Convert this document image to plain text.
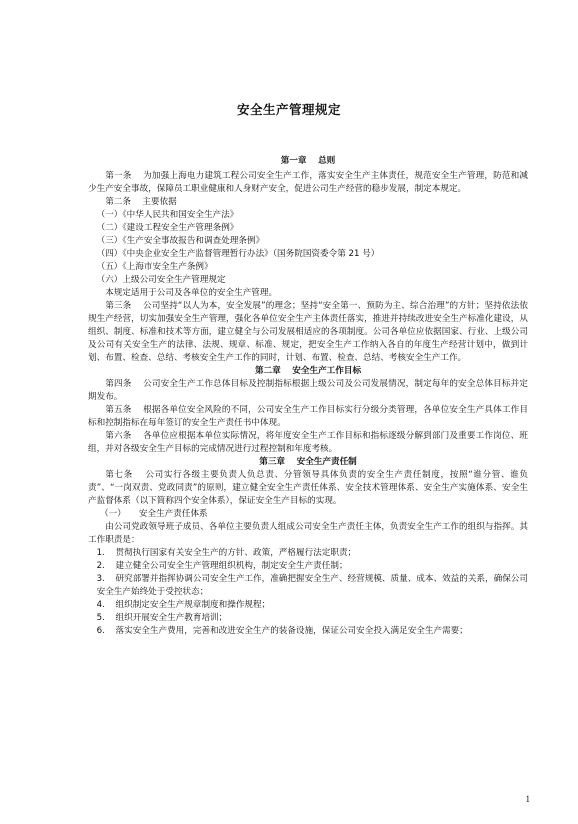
安全生产管理规定
第一章　 总则

第一条　 为加强上海电力建筑工程公司安全生产工作，落实安全生产主体责任，规范安全生产管理，防范和减少生产安全事故，保障员工职业健康和人身财产安全，促进公司生产经营的稳步发展，制定本规定。

第二条　 主要依据
（一）《中华人民共和国安全生产法》
（二）《建设工程安全生产管理条例》
（三）《生产安全事故报告和调查处理条例》
（四）《中央企业安全生产监督管理暂行办法》（国务院国资委令第 21 号）
（五）《上海市安全生产条例》
（六）上级公司安全生产管理规定
本规定适用于公司及各单位的安全生产管理。

第三条　 公司坚持“以人为本，安全发展”的理念；坚持“安全第一、预防为主、综合治理”的方针；坚持依法依规生产经营，切实加强安全生产管理，强化各单位安全生产主体责任落实，推进并持续改进安全生产标准化建设，从组织、制度、标准和技术等方面，建立健全与公司发展相适应的各项制度。公司各单位应依据国家、行业、上级公司及公司有关安全生产的法律、法规、规章、标准、规定，把安全生产工作纳入各自的年度生产经营计划中，做到计划、布置、检查、总结、考核安全生产工作的同时，计划、布置、检查、总结、考核安全生产工作。

第二章　 安全生产工作目标

第四条　 公司安全生产工作总体目标及控制指标根据上级公司及公司发展情况，制定每年的安全总体目标并定期发布。

第五条　 根据各单位安全风险的不同，公司安全生产工作目标实行分级分类管理，各单位安全生产具体工作目标和控制指标在每年签订的安全生产责任书中体现。

第六条　 各单位应根据本单位实际情况，将年度安全生产工作目标和指标逐级分解到部门及重要工作岗位、班组，并对各级安全生产目标的完成情况进行过程控制和年度考核。

第三章　 安全生产责任制

第七条　 公司实行各级主要负责人负总责、分管领导具体负责的安全生产责任制度，按照“谁分管、谁负责”、“一岗双责、党政同责”的原则，建立健全安全生产责任体系、安全技术管理体系、安全生产实施体系、安全生产监督体系（以下简称四个安全体系），保证安全生产目标的实现。

（一） 安全生产责任体系

由公司党政领导班子成员、各单位主要负责人组成公司安全生产责任主体，负责安全生产工作的组织与指挥。其工作职责是：

1. 贯彻执行国家有关安全生产的方针、政策，严格履行法定职责；
2. 建立健全公司安全生产管理组织机构，制定安全生产责任制；

3. 研究部署并指挥协调公司安全生产工作，准确把握安全生产、经营规模、质量、成本、效益的关系，确保公司安全生产始终处于受控状态；

4. 组织制定安全生产规章制度和操作规程；
5. 组织开展安全生产教育培训；
6. 落实安全生产费用，完善和改进安全生产的装备设施，保证公司安全投入满足安全生产需要；
1
